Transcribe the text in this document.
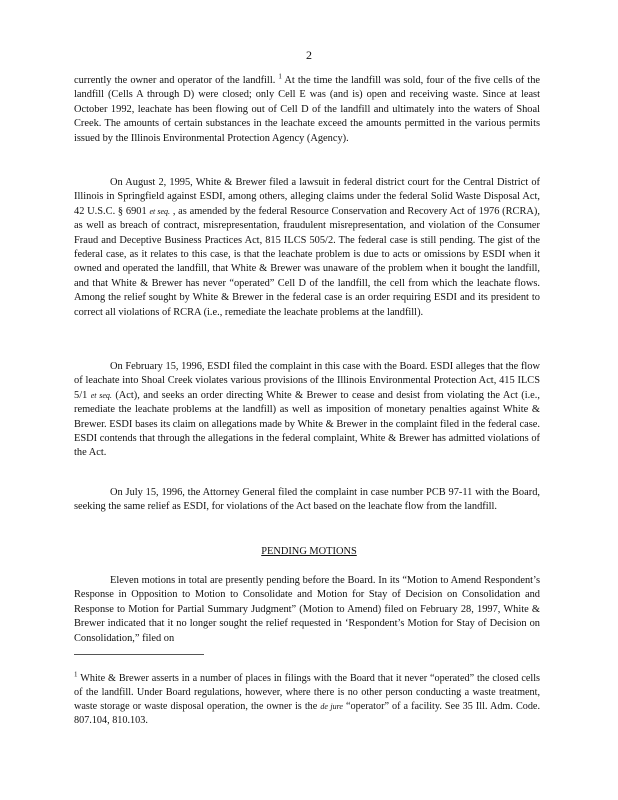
2
currently the owner and operator of the landfill. $^1$ At the time the landfill was sold, four of the five cells of the landfill (Cells A through D) were closed; only Cell E was (and is) open and receiving waste. Since at least October 1992, leachate has been flowing out of Cell D of the landfill and ultimately into the waters of Shoal Creek. The amounts of certain substances in the leachate exceed the amounts permitted in the various permits issued by the Illinois Environmental Protection Agency (Agency).
On August 2, 1995, White & Brewer filed a lawsuit in federal district court for the Central District of Illinois in Springfield against ESDI, among others, alleging claims under the federal Solid Waste Disposal Act, 42 U.S.C. § 6901 et seq. , as amended by the federal Resource Conservation and Recovery Act of 1976 (RCRA), as well as breach of contract, misrepresentation, fraudulent misrepresentation, and violation of the Consumer Fraud and Deceptive Business Practices Act, 815 ILCS 505/2. The federal case is still pending. The gist of the federal case, as it relates to this case, is that the leachate problem is due to acts or omissions by ESDI when it owned and operated the landfill, that White & Brewer was unaware of the problem when it bought the landfill, and that White & Brewer has never “operated” Cell D of the landfill, the cell from which the leachate flows. Among the relief sought by White & Brewer in the federal case is an order requiring ESDI and its president to correct all violations of RCRA (i.e., remediate the leachate problems at the landfill).
On February 15, 1996, ESDI filed the complaint in this case with the Board. ESDI alleges that the flow of leachate into Shoal Creek violates various provisions of the Illinois Environmental Protection Act, 415 ILCS 5/1 et seq. (Act), and seeks an order directing White & Brewer to cease and desist from violating the Act (i.e., remediate the leachate problems at the landfill) as well as imposition of monetary penalties against White & Brewer. ESDI bases its claim on allegations made by White & Brewer in the complaint filed in the federal case. ESDI contends that through the allegations in the federal complaint, White & Brewer has admitted violations of the Act.
On July 15, 1996, the Attorney General filed the complaint in case number PCB 97-11 with the Board, seeking the same relief as ESDI, for violations of the Act based on the leachate flow from the landfill.
PENDING MOTIONS
Eleven motions in total are presently pending before the Board. In its “Motion to Amend Respondent’s Response in Opposition to Motion to Consolidate and Motion for Stay of Decision on Consolidation and Response to Motion for Partial Summary Judgment” (Motion to Amend) filed on February 28, 1997, White & Brewer indicated that it no longer sought the relief requested in ‘Respondent’s Motion for Stay of Decision on Consolidation,” filed on
$^1$ White & Brewer asserts in a number of places in filings with the Board that it never “operated” the closed cells of the landfill. Under Board regulations, however, where there is no other person conducting a waste treatment, waste storage or waste disposal operation, the owner is the de jure “operator” of a facility. See 35 Ill. Adm. Code. 807.104, 810.103.
